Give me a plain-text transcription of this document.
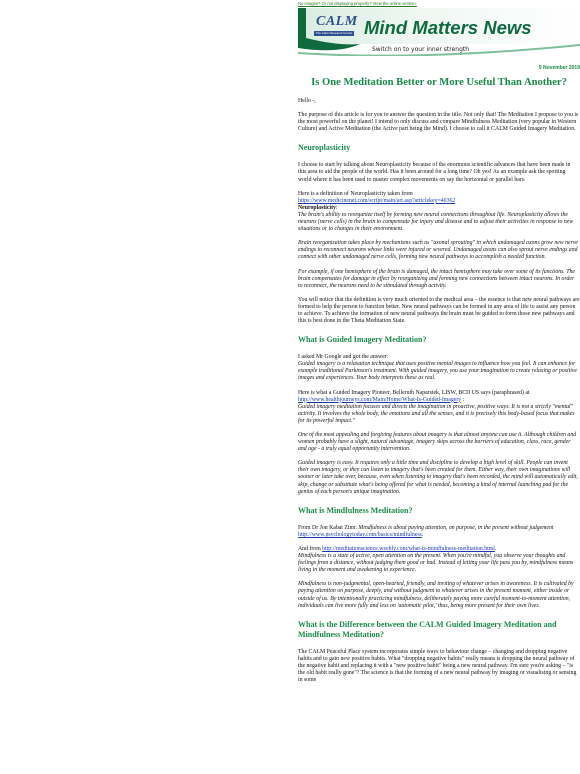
No images? Or not displaying properly? View the online version.

CALM
The Calm Research Centre Mind Matters News
Switch on to your inner strength
9 November 2019
Is One Meditation Better or More Useful Than Another?

Hello -,

The purpose of this article is for you to answer the question in the title. Not only that! The Meditation I propose to you is the most powerful on the planet! I intend to only discuss and compare Mindfulness Meditation (very popular in Western Culture) and Active Meditation (the Active part being the Mind). I choose to call it CALM Guided Imagery Meditation.

Neuroplasticity

I choose to start by talking about Neuroplasticity because of the enormous scientific advances that have been made in this area to aid the people of the world. Has it been around for a long time? Oh yes! As an example ask the sporting world where it has been used to master complex movements on say the horizontal or parallel bars.

Here is a definition of Neuroplasticity taken from
https://www.medicinenet.com/script/main/art.asp?articlekey=40362
Neuroplasticity:

The brain's ability to reorganize itself by forming new neural connections throughout life. Neuroplasticity allows the neurons (nerve cells) in the brain to compensate for injury and disease and to adjust their activities in response to new situations or to changes in their environment.

Brain reorganization takes place by mechanisms such as "axonal sprouting" in which undamaged axons grow new nerve endings to reconnect neurons whose links were injured or severed. Undamaged axons can also sprout nerve endings and connect with other undamaged nerve cells, forming new neural pathways to accomplish a needed function.

For example, if one hemisphere of the brain is damaged, the intact hemisphere may take over some of its functions. The brain compensates for damage in effect by reorganizing and forming new connections between intact neurons. In order to reconnect, the neurons need to be stimulated through activity.

You will notice that the definition is very much oriented to the medical area – the essence is that new neural pathways are formed to help the person to function better. New neural pathways can be formed in any area of life to assist any person to achieve. To achieve the formation of new neural pathways the brain must be guided to form those new pathways and this is best done in the Theta Meditation State.

What is Guided Imagery Meditation?

I asked Mr Google and got the answer:
Guided imagery is a relaxation technique that uses positive mental images to influence how you feel. It can enhance for example traditional Parkinson's treatment. With guided imagery, you use your imagination to create relaxing or positive images and experiences. Your body interprets these as real.

Here is what a Guided Imagery Pioneer, Belleruth Naparstek, LISW, BCD US says (paraphrased) at http://www.healthjourneys.com/Main/Home/What-Is-Guided-Imagery :
Guided imagery meditation focuses and directs the imagination in proactive, positive ways. It is not a strictly "mental" activity. It involves the whole body, the emotions and all the senses, and it is precisely this body-based focus that makes for its powerful impact."

One of the most appealing and forgiving features about imagery is that almost anyone can use it. Although children and women probably have a slight, natural advantage, imagery skips across the barriers of education, class, race, gender and age - a truly equal opportunity intervention.

Guided imagery is easy. It requires only a little time and discipline to develop a high level of skill. People can invent their own imagery, or they can listen to imagery that's been created for them. Either way, their own imaginations will sooner or later take over, because, even when listening to imagery that's been recorded, the mind will automatically edit, skip, change or substitute what's being offered for what is needed, becoming a kind of internal launching pad for the genius of each person's unique imagination.

What is Mindfulness Meditation?

From Dr Jon Kabat Zinn: Mindfulness is about paying attention, on purpose, in the present without judgement http://www.psychologytoday.com/basics/mindfulness.

And from http://meditationscience.weebly.com/what-is-mindfulness-meditation.html.
Mindfulness is a state of active, open attention on the present. When you're mindful, you observe your thoughts and feelings from a distance, without judging them good or bad. Instead of letting your life pass you by, mindfulness means living in the moment and awakening to experience.

Mindfulness is non-judgmental, open-hearted, friendly, and inviting of whatever arises in awareness. It is cultivated by paying attention on purpose, deeply, and without judgment to whatever arises in the present moment, either inside or outside of us. By intentionally practicing mindfulness, deliberately paying more careful moment-to-moment attention, individuals can live more fully and less on 'automatic pilot,' thus, being more present for their own lives.

What is the Difference between the CALM Guided Imagery Meditation and Mindfulness Meditation?

The CALM Peaceful Place system incorporates simple ways to behaviour change – changing and dropping negative habits and to gain new positive habits. What "dropping negative habits" really means is dropping the neural pathway of the negative habit and replacing it with a "new positive habit" being a new neural pathway. I'm sure you're asking – "is the old habit really gone"? The science is that the forming of a new neural pathway by imaging or visualising or sensing in some
